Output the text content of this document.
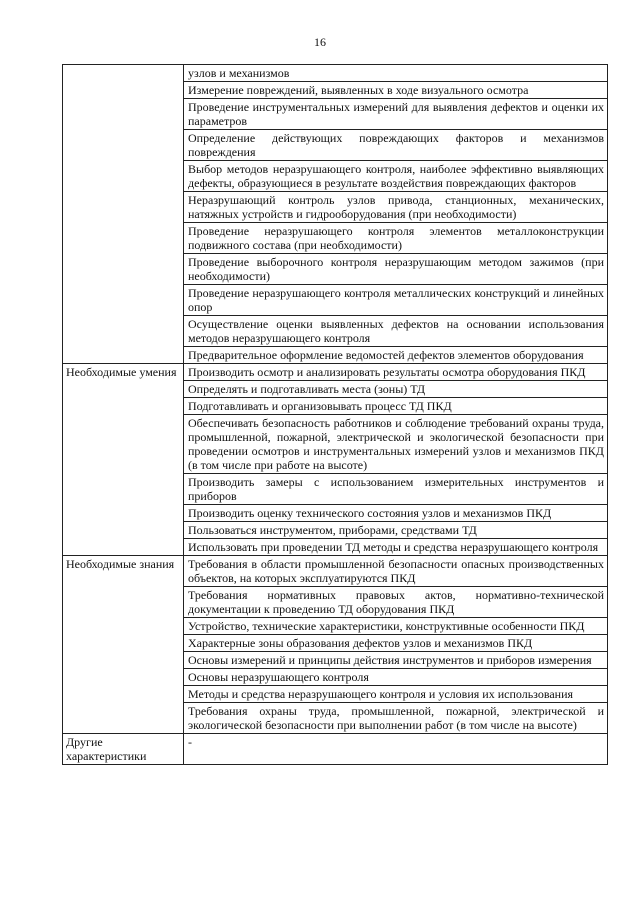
16
	узлов и механизмов
	Измерение повреждений, выявленных в ходе визуального осмотра
	Проведение инструментальных измерений для выявления дефектов и оценки их параметров
	Определение действующих повреждающих факторов и механизмов повреждения
	Выбор методов неразрушающего контроля, наиболее эффективно выявляющих дефекты, образующиеся в результате воздействия повреждающих факторов
	Неразрушающий контроль узлов привода, станционных, механических, натяжных устройств и гидрооборудования (при необходимости)
	Проведение неразрушающего контроля элементов металлоконструкции подвижного состава (при необходимости)
	Проведение выборочного контроля неразрушающим методом зажимов (при необходимости)
	Проведение неразрушающего контроля металлических конструкций и линейных опор
	Осуществление оценки выявленных дефектов на основании использования методов неразрушающего контроля
	Предварительное оформление ведомостей дефектов элементов оборудования
Необходимые умения	Производить осмотр и анализировать результаты осмотра оборудования ПКД
	Определять и подготавливать места (зоны) ТД
	Подготавливать и организовывать процесс ТД ПКД
	Обеспечивать безопасность работников и соблюдение требований охраны труда, промышленной, пожарной, электрической и экологической безопасности при проведении осмотров и инструментальных измерений узлов и механизмов ПКД (в том числе при работе на высоте)
	Производить замеры с использованием измерительных инструментов и приборов
	Производить оценку технического состояния узлов и механизмов ПКД
	Пользоваться инструментом, приборами, средствами ТД
	Использовать при проведении ТД методы и средства неразрушающего контроля
Необходимые знания	Требования в области промышленной безопасности опасных производственных объектов, на которых эксплуатируются ПКД
	Требования нормативных правовых актов, нормативно-технической документации к проведению ТД оборудования ПКД
	Устройство, технические характеристики, конструктивные особенности ПКД
	Характерные зоны образования дефектов узлов и механизмов ПКД
	Основы измерений и принципы действия инструментов и приборов измерения
	Основы неразрушающего контроля
	Методы и средства неразрушающего контроля и условия их использования
	Требования охраны труда, промышленной, пожарной, электрической и экологической безопасности при выполнении работ (в том числе на высоте)
Другие характеристики	-
